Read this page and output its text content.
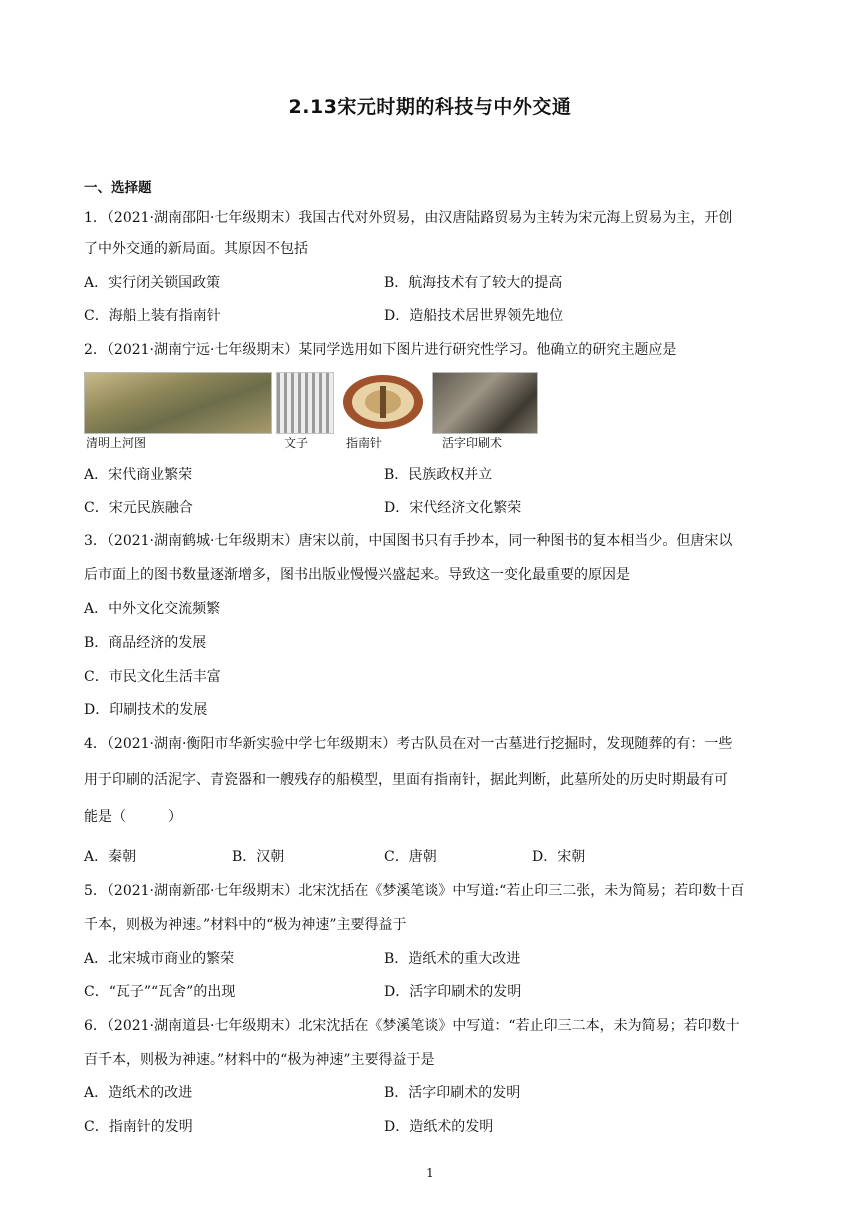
2.13宋元时期的科技与中外交通
一、选择题
1．（2021·湖南邵阳·七年级期末）我国古代对外贸易，由汉唐陆路贸易为主转为宋元海上贸易为主，开创
了中外交通的新局面。其原因不包括
A．实行闭关锁国政策	B．航海技术有了较大的提高
C．海船上装有指南针	D．造船技术居世界领先地位
2．（2021·湖南宁远·七年级期末）某同学选用如下图片进行研究性学习。他确立的研究主题应是
清明上河图	文子	指南针	活字印刷术
A．宋代商业繁荣	B．民族政权并立
C．宋元民族融合	D．宋代经济文化繁荣
3．（2021·湖南鹤城·七年级期末）唐宋以前，中国图书只有手抄本，同一种图书的复本相当少。但唐宋以
后市面上的图书数量逐渐增多，图书出版业慢慢兴盛起来。导致这一变化最重要的原因是
A．中外文化交流频繁
B．商品经济的发展
C．市民文化生活丰富
D．印刷技术的发展
4．（2021·湖南·衡阳市华新实验中学七年级期末）考古队员在对一古墓进行挖掘时，发现随葬的有：一些
用于印刷的活泥字、青瓷器和一艘残存的船模型，里面有指南针，据此判断，此墓所处的历史时期最有可
能是（　　　）
A．秦朝	B．汉朝	C．唐朝	D．宋朝
5．（2021·湖南新邵·七年级期末）北宋沈括在《梦溪笔谈》中写道:“若止印三二张，未为简易；若印数十百
千本，则极为神速。”材料中的“极为神速”主要得益于
A．北宋城市商业的繁荣	B．造纸术的重大改进
C．“瓦子”“瓦舍”的出现	D．活字印刷术的发明
6．（2021·湖南道县·七年级期末）北宋沈括在《梦溪笔谈》中写道：“若止印三二本，未为简易；若印数十
百千本，则极为神速。”材料中的“极为神速”主要得益于是
A．造纸术的改进	B．活字印刷术的发明
C．指南针的发明	D．造纸术的发明
1
